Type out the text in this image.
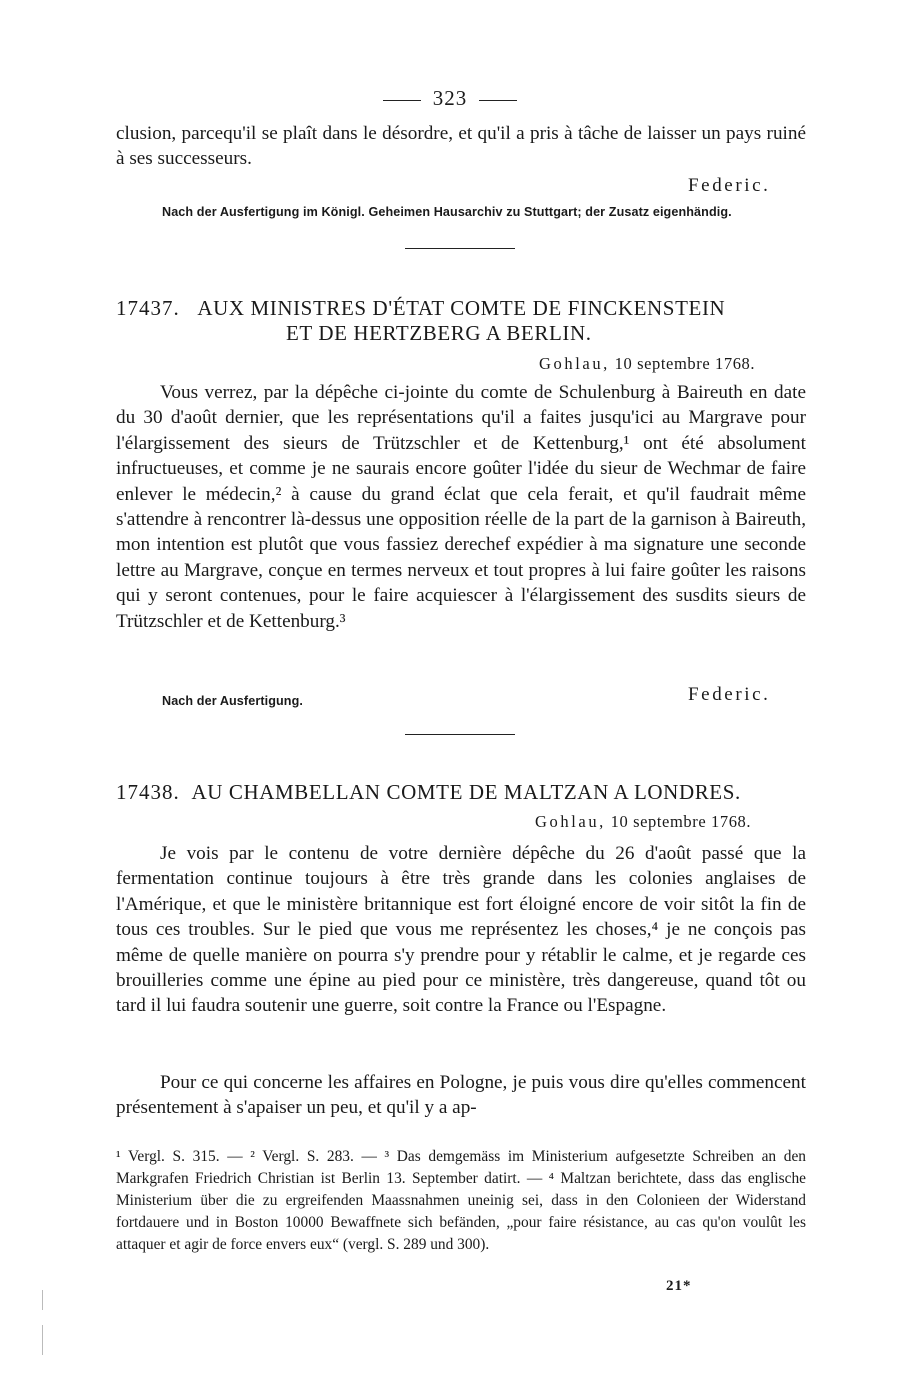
323

clusion, parcequ'il se plaît dans le désordre, et qu'il a pris à tâche de laisser un pays ruiné à ses successeurs.

Federic.
Nach der Ausfertigung im Königl. Geheimen Hausarchiv zu Stuttgart; der Zusatz eigenhändig.
17437. AUX MINISTRES D'ÉTAT COMTE DE FINCKENSTEIN
ET DE HERTZBERG A BERLIN.
Gohlau, 10 septembre 1768.

Vous verrez, par la dépêche ci-jointe du comte de Schulenburg à Baireuth en date du 30 d'août dernier, que les représentations qu'il a faites jusqu'ici au Margrave pour l'élargissement des sieurs de Trützschler et de Kettenburg,¹ ont été absolument infructueuses, et comme je ne saurais encore goûter l'idée du sieur de Wechmar de faire enlever le médecin,² à cause du grand éclat que cela ferait, et qu'il faudrait même s'attendre à rencontrer là-dessus une opposition réelle de la part de la garnison à Baireuth, mon intention est plutôt que vous fassiez derechef expédier à ma signature une seconde lettre au Margrave, conçue en termes nerveux et tout propres à lui faire goûter les raisons qui y seront contenues, pour le faire acquiescer à l'élargissement des susdits sieurs de Trützschler et de Kettenburg.³

Nach der Ausfertigung.	Federic.
17438. AU CHAMBELLAN COMTE DE MALTZAN A LONDRES.
Gohlau, 10 septembre 1768.

Je vois par le contenu de votre dernière dépêche du 26 d'août passé que la fermentation continue toujours à être très grande dans les colonies anglaises de l'Amérique, et que le ministère britannique est fort éloigné encore de voir sitôt la fin de tous ces troubles. Sur le pied que vous me représentez les choses,⁴ je ne conçois pas même de quelle manière on pourra s'y prendre pour y rétablir le calme, et je regarde ces brouilleries comme une épine au pied pour ce ministère, très dangereuse, quand tôt ou tard il lui faudra soutenir une guerre, soit contre la France ou l'Espagne.

Pour ce qui concerne les affaires en Pologne, je puis vous dire qu'elles commencent présentement à s'apaiser un peu, et qu'il y a ap-

¹ Vergl. S. 315. — ² Vergl. S. 283. — ³ Das demgemäss im Ministerium aufgesetzte Schreiben an den Markgrafen Friedrich Christian ist Berlin 13. September datirt. — ⁴ Maltzan berichtete, dass das englische Ministerium über die zu ergreifenden Maassnahmen uneinig sei, dass in den Colonieen der Widerstand fortdauere und in Boston 10000 Bewaffnete sich befänden, „pour faire résistance, au cas qu'on voulût les attaquer et agir de force envers eux“ (vergl. S. 289 und 300).

21*
